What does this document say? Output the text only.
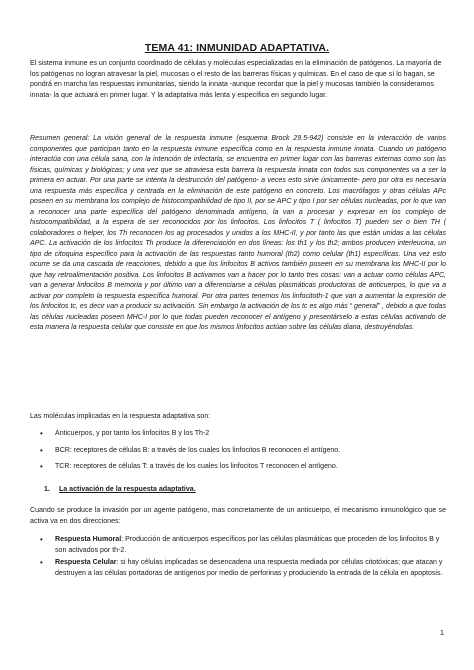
TEMA 41: INMUNIDAD ADAPTATIVA.
El sistema inmune es un conjunto coordinado de células y moléculas especializadas en la eliminación de patógenos. La mayoría de los patógenos no logran atravesar la piel, mucosas o el resto de las barreras físicas y químicas. En el caso de que sí lo hagan, se pondrá en marcha las respuestas inmunitarias, siendo la innata -aunque recordar que la piel y mucosas también la consideramos innata- la que actuará en primer lugar. Y la adaptativa más lenta y específica en segundo lugar.
Resumen general: La visión general de la respuesta inmune (esquema Brock 29.5-942) consiste en la interacción de varios componentes que participan tanto en la respuesta inmune específica como en la respuesta inmune innata. Cuando un patógeno interactúa con una célula sana, con la intención de infectarla, se encuentra en primer lugar con las barreras externas como son las físicas, químicas y biológicas; y una vez que se atraviesa esta barrera la respuesta innata con todos sus componentes va a ser la primera en actuar. Por una parte se intenta la destrucción del patógeno- a veces esto sirve únicamente- pero por otra es necesaria una respuesta más específica y centrada en la eliminación de este patógeno en concreto. Los macrófagos y otras células APc poseen en su membrana los complejo de histocompatibilidad de tipo II, por se APC y tipo I por ser células nucleadas, por lo que van a reconocer una parte específica del patógeno denominada antígeno, la van a procesar y expresar en los complejo de histocompatibilidad, a la espera de ser reconocidos por los linfocitos. Los linfocitos T ( linfocitos T) pueden ser o bien TH ( colaboradores o helper, los Th reconocen los ag procesados y unidos a los MHC-II, y por tanto las que están unidas a las células APC. La activación de los linfocitos Th produce la diferenciación en dos líneas: los th1 y los th2; ambos producen interleucina, un tipo de citoquina específico para la activación de las respuestas tanto humoral (th2) como celular (th1) específicas. Una vez esto ocurre se da una cascada de reacciones, debido a que los linfocitos B activos también poseen en su membrana los MHC-II por lo que hay retroalimentación positiva. Los linfocitos B activamos van a hacer por lo tanto tres cosas: van a actuar como células APC, van a generar linfocitos B memoria y por último van a diferenciarse a células plasmáticas productoras de anticuerpos, lo que va a activar por completo la respuesta específica humoral. Por otra partes tenemos los linfocitoth-1 que van a aumentar la expresión de los linfocitos tc, es decir van a producir su activación. Sin embargo la activación de los tc es algo más “ general” , debido a que todas las células nucleadas poseen MHC-I por lo que todas pueden reconocer el antígeno y presentárselo a estas células activando de esta manera la respuesta celular que consiste en que los mismos linfocitos actúan sobre las células diana, destruyéndolas.
Las moléculas implicadas en la respuesta adaptativa son:
• Anticuerpos, y por tanto los linfocitos B y los Th-2
• BCR: receptores de células B: a través de los cuales los linfocitos B reconocen el antígeno.
• TCR: receptores de células T: a través de los cuales los linfocitos T reconocen el antígeno.
1. La activación de la respuesta adaptativa.
Cuando se produce la invasión por un agente patógeno, mas concretamente de un anticuerpo, el mecanismo inmunológico que se activa va en dos direcciones:
• Respuesta Humoral: Producción de anticuerpos específicos por las células plasmáticas que proceden de los linfocitos B y son activados por th-2.
• Respuesta Celular: si hay células implicadas se desencadena una respuesta mediada por células citotóxicas; que atacan y destruyen a las células portadoras de antígenos por medio de perforinas y produciendo la entrada de la célula en apoptosis.
1
